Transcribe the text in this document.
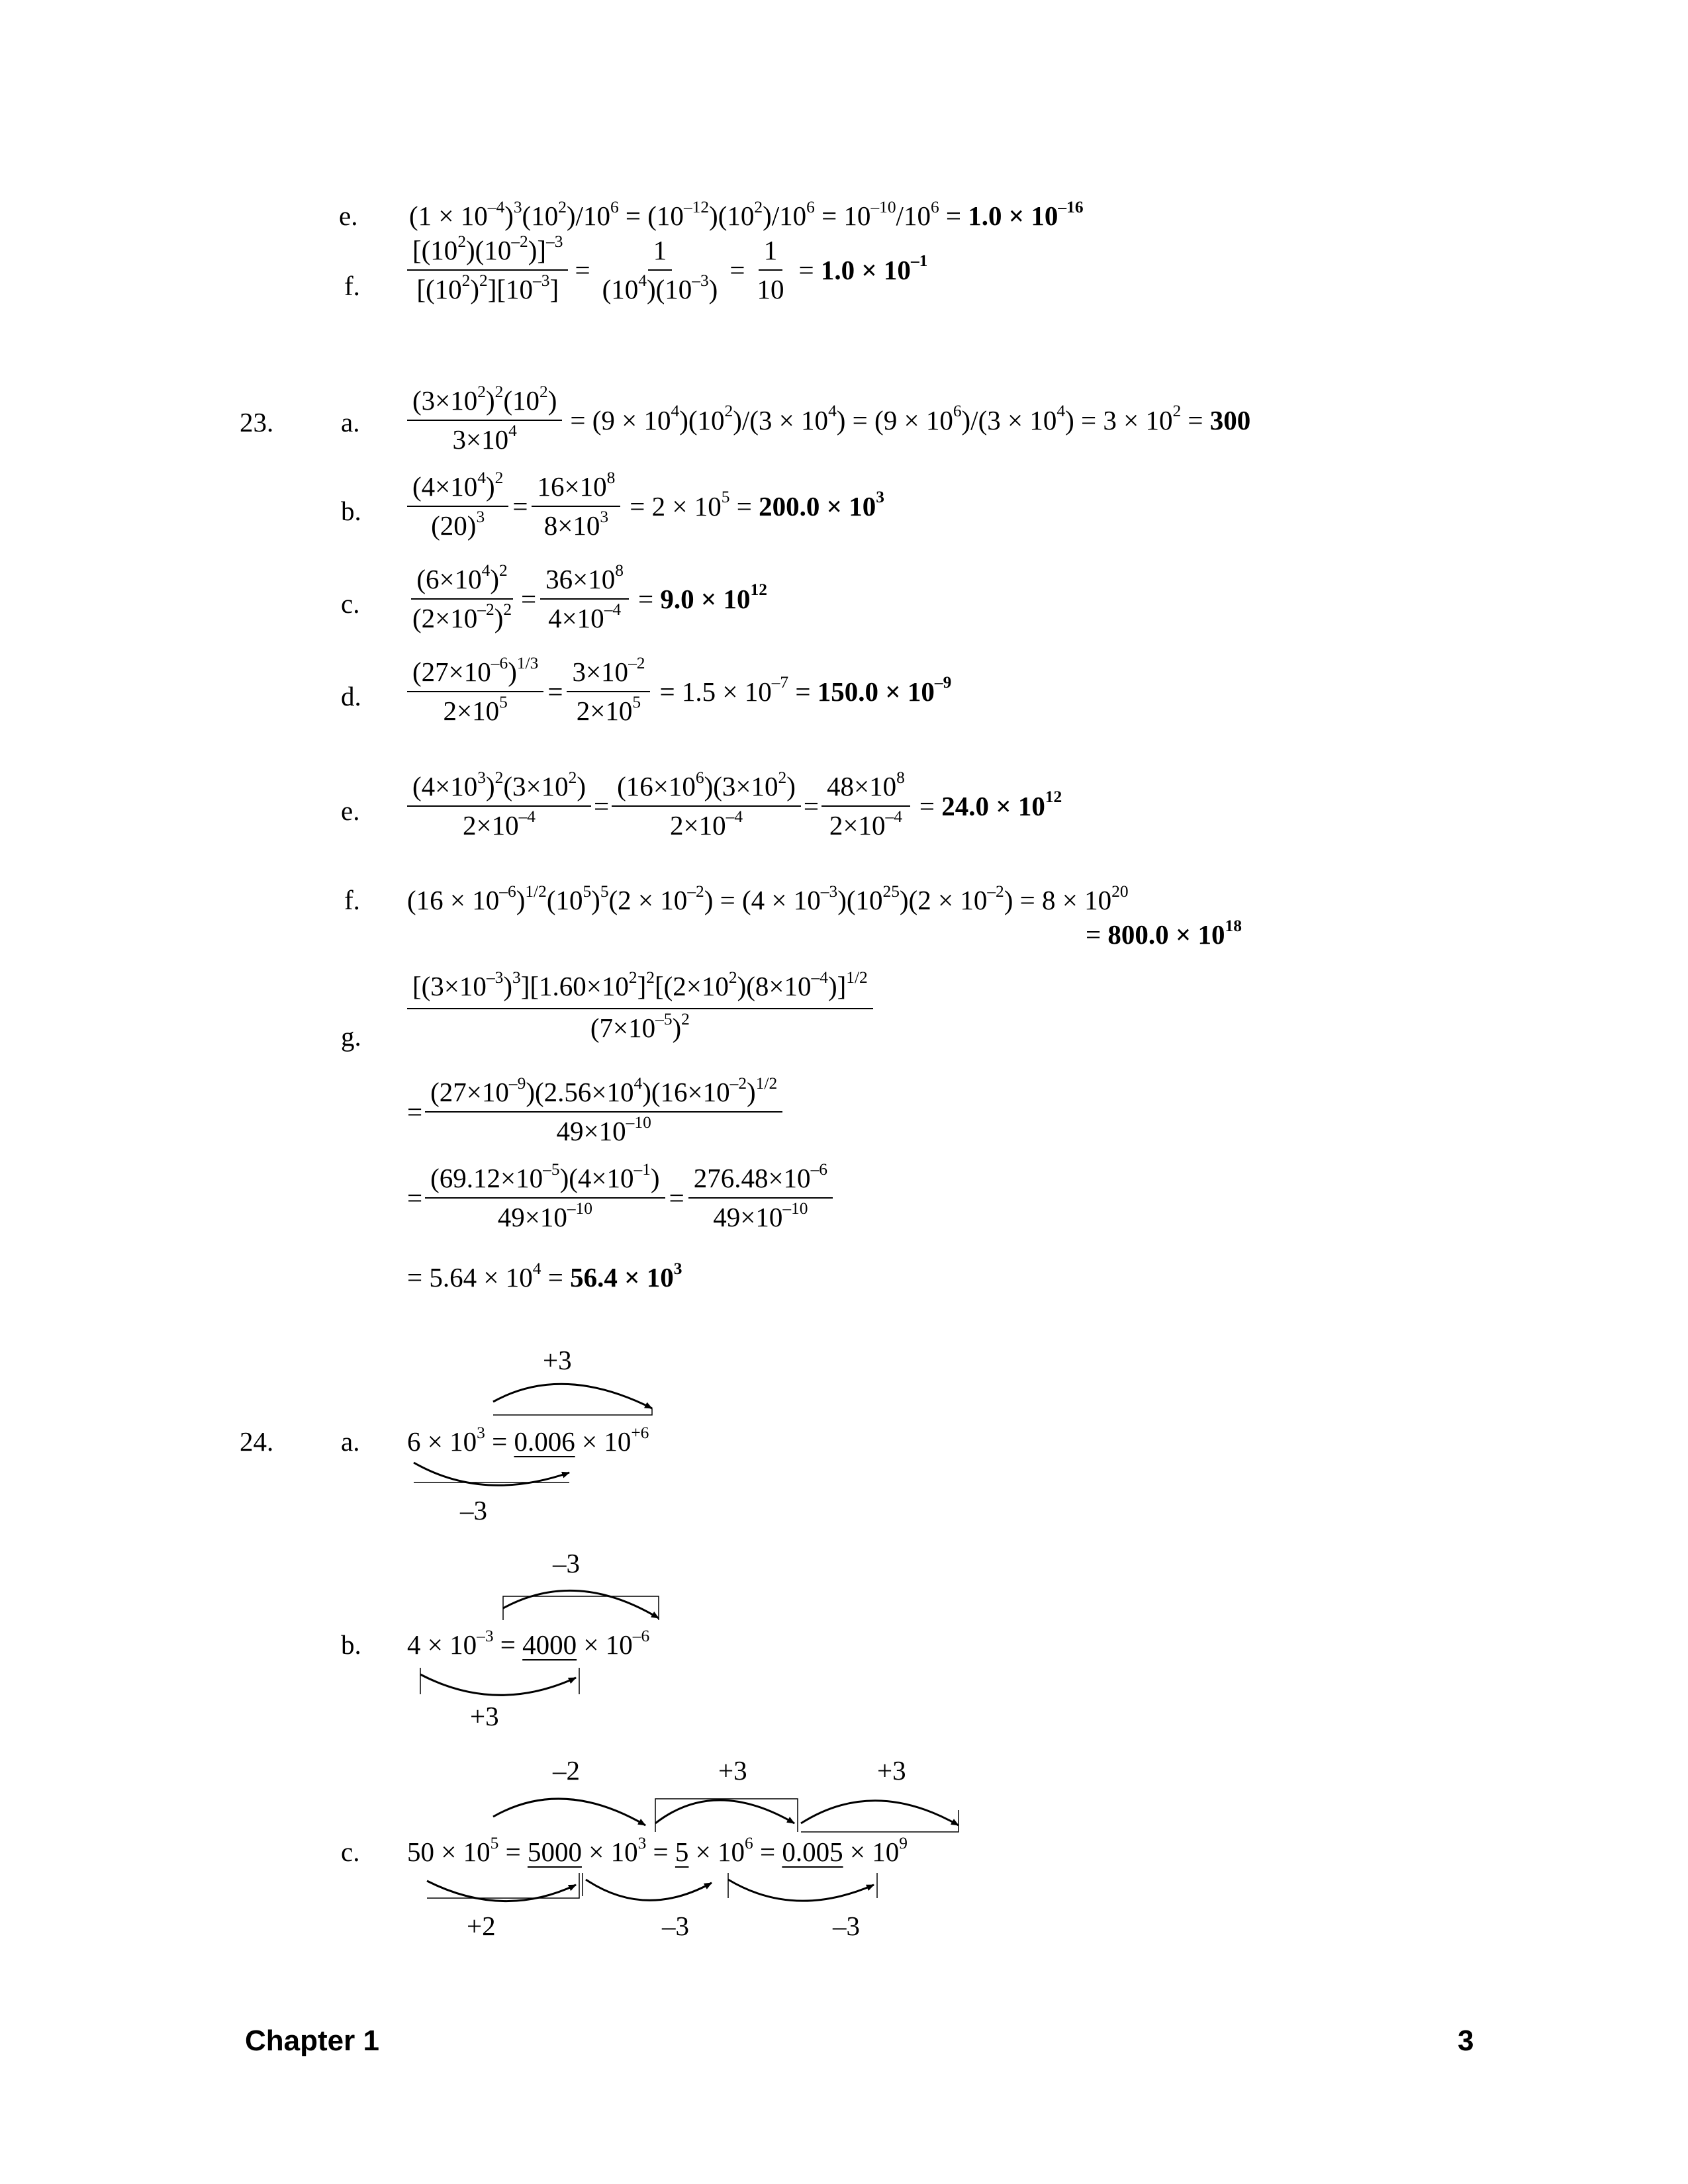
e. $(1 \times 10^{-4})^3(10^2)/10^6 = (10^{-12})(10^2)/10^6 = 10^{-10}/10^6 = 1.0 \times 10^{-16}$
f. $\frac{[(10^2)(10^{-2})]^{-3}}{[(10^2)^2][10^{-3}]} = \frac{1}{(10^4)(10^{-3})} = \frac{1}{10} = 1.0 \times 10^{-1}$
23. a. $\frac{(3\times 10^2)^2(10^2)}{3\times 10^4} = (9 \times 10^4)(10^2)/(3 \times 10^4) = (9 \times 10^6)/(3 \times 10^4) = 3 \times 10^2 = 300$
b. $\frac{(4\times 10^4)^2}{(20)^3} = \frac{16\times 10^8}{8\times 10^3} = 2 \times 10^5 = 200.0 \times 10^3$
c. $\frac{(6\times 10^4)^2}{(2\times 10^{-2})^2} = \frac{36\times 10^8}{4\times 10^{-4}} = 9.0 \times 10^{12}$
d. $\frac{(27\times 10^{-6})^{1/3}}{2\times 10^5} = \frac{3\times 10^{-2}}{2\times 10^5} = 1.5 \times 10^{-7} = 150.0 \times 10^{-9}$
e. $\frac{(4\times 10^3)^2(3\times 10^2)}{2\times 10^{-4}} = \frac{(16\times 10^6)(3\times 10^2)}{2\times 10^{-4}} = \frac{48\times 10^8}{2\times 10^{-4}} = 24.0 \times 10^{12}$
f. $(16 \times 10^{-6})^{1/2}(10^5)^5(2 \times 10^{-2}) = (4 \times 10^{-3})(10^{25})(2 \times 10^{-2}) = 8 \times 10^{20}$
= $800.0 \times 10^{18}$
g. $\frac{[(3\times 10^{-3})^3][1.60\times 10^2]^2[(2\times 10^2)(8\times 10^{-4})]^{1/2}}{(7\times 10^{-5})^2}$
= $\frac{(27\times 10^{-9})(2.56\times 10^4)(16\times 10^{-2})^{1/2}}{49\times 10^{-10}}$
= $\frac{(69.12\times 10^{-5})(4\times 10^{-1})}{49\times 10^{-10}} = \frac{276.48\times 10^{-6}}{49\times 10^{-10}}$
= $5.64 \times 10^4 = 56.4 \times 10^3$
24. a.
+3
$6 \times 10^3 = 0.006 \times 10^{+6}$
–3
b.
–3
$4 \times 10^{-3} = 4000 \times 10^{-6}$
+3
c.
–2	+3	+3
$50 \times 10^5 = 5000 \times 10^3 = 5 \times 10^6 = 0.005 \times 10^9$
+2	–3	–3
Chapter 1	3
